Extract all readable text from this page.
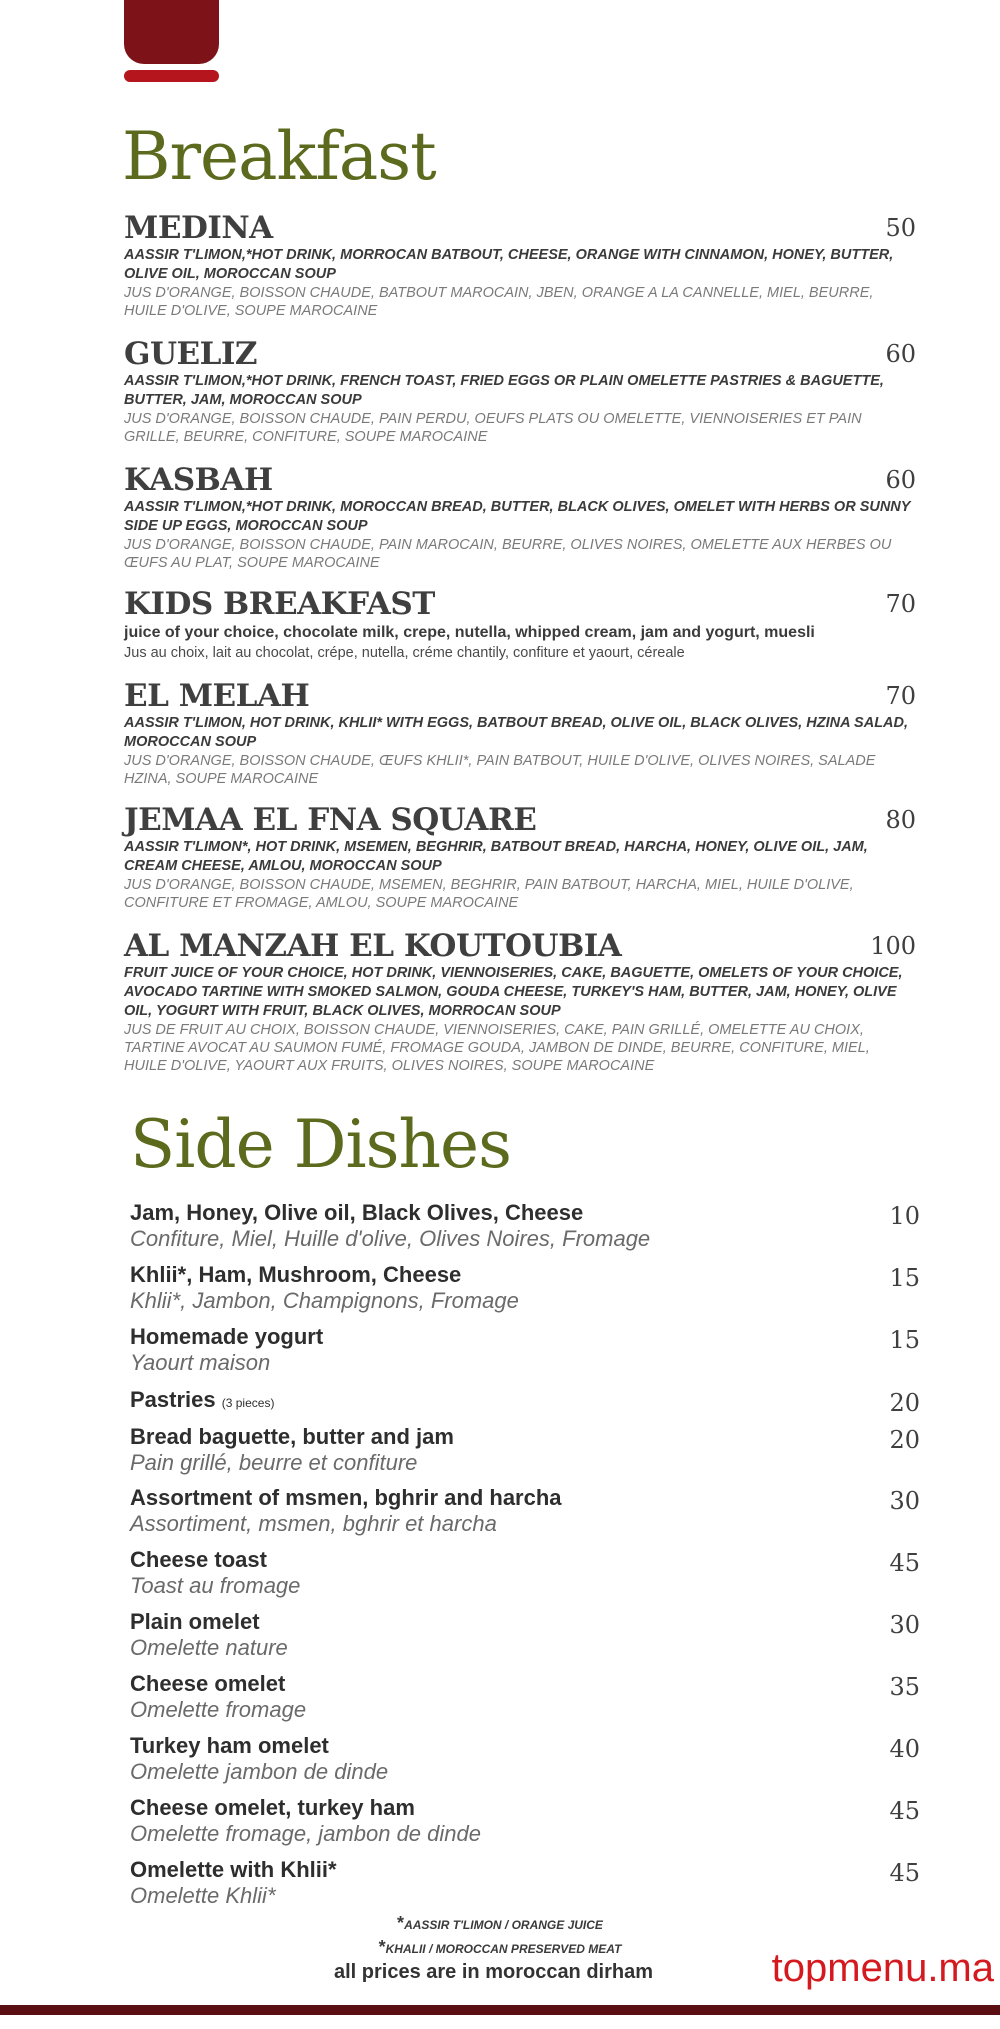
Breakfast
MEDINA	50
AASSIR T'LIMON,*HOT DRINK, MORROCAN BATBOUT, CHEESE, ORANGE WITH CINNAMON, HONEY, BUTTER, OLIVE OIL, MOROCCAN SOUP
JUS D'ORANGE, BOISSON CHAUDE, BATBOUT MAROCAIN, JBEN, ORANGE A LA CANNELLE, MIEL, BEURRE, HUILE D'OLIVE, SOUPE MAROCAINE
GUELIZ	60
AASSIR T'LIMON,*HOT DRINK, FRENCH TOAST, FRIED EGGS OR PLAIN OMELETTE PASTRIES & BAGUETTE, BUTTER, JAM, MOROCCAN SOUP
JUS D'ORANGE, BOISSON CHAUDE, PAIN PERDU, OEUFS PLATS OU OMELETTE, VIENNOISERIES ET PAIN GRILLE, BEURRE, CONFITURE, SOUPE MAROCAINE
KASBAH	60
AASSIR T'LIMON,*HOT DRINK, MOROCCAN BREAD, BUTTER, BLACK OLIVES, OMELET WITH HERBS OR SUNNY SIDE UP EGGS, MOROCCAN SOUP
JUS D'ORANGE, BOISSON CHAUDE, PAIN MAROCAIN, BEURRE, OLIVES NOIRES, OMELETTE AUX HERBES OU ŒUFS AU PLAT, SOUPE MAROCAINE
KIDS BREAKFAST	70
juice of your choice, chocolate milk, crepe, nutella, whipped cream, jam and yogurt, muesli
Jus au choix, lait au chocolat, crépe, nutella, créme chantily, confiture et yaourt, céreale
EL MELAH	70
AASSIR T'LIMON, HOT DRINK, KHLII* WITH EGGS, BATBOUT BREAD, OLIVE OIL, BLACK OLIVES, HZINA SALAD, MOROCCAN SOUP
JUS D'ORANGE, BOISSON CHAUDE, ŒUFS KHLII*, PAIN BATBOUT, HUILE D'OLIVE, OLIVES NOIRES, SALADE HZINA, SOUPE MAROCAINE
JEMAA EL FNA SQUARE	80
AASSIR T'LIMON*, HOT DRINK, MSEMEN, BEGHRIR, BATBOUT BREAD, HARCHA, HONEY, OLIVE OIL, JAM, CREAM CHEESE, AMLOU, MOROCCAN SOUP
JUS D'ORANGE, BOISSON CHAUDE, MSEMEN, BEGHRIR, PAIN BATBOUT, HARCHA, MIEL, HUILE D'OLIVE, CONFITURE ET FROMAGE, AMLOU, SOUPE MAROCAINE
AL MANZAH EL KOUTOUBIA	100
FRUIT JUICE OF YOUR CHOICE, HOT DRINK, VIENNOISERIES, CAKE, BAGUETTE, OMELETS OF YOUR CHOICE, AVOCADO TARTINE WITH SMOKED SALMON, GOUDA CHEESE, TURKEY'S HAM, BUTTER, JAM, HONEY, OLIVE OIL, YOGURT WITH FRUIT, BLACK OLIVES, MORROCAN SOUP
JUS DE FRUIT AU CHOIX, BOISSON CHAUDE, VIENNOISERIES, CAKE, PAIN GRILLÉ, OMELETTE AU CHOIX, TARTINE AVOCAT AU SAUMON FUMÉ, FROMAGE GOUDA, JAMBON DE DINDE, BEURRE, CONFITURE, MIEL, HUILE D'OLIVE, YAOURT AUX FRUITS, OLIVES NOIRES, SOUPE MAROCAINE
Side Dishes
Jam, Honey, Olive oil, Black Olives, Cheese
Confiture, Miel, Huille d'olive, Olives Noires, Fromage
10
Khlii*, Ham, Mushroom, Cheese
Khlii*, Jambon, Champignons, Fromage
15
Homemade yogurt
Yaourt maison
15
Pastries (3 pieces)	20
Bread baguette, butter and jam
Pain grillé, beurre et confiture
20
Assortment of msmen, bghrir and harcha
Assortiment, msmen, bghrir et harcha
30
Cheese toast
Toast au fromage
45
Plain omelet
Omelette nature
30
Cheese omelet
Omelette fromage
35
Turkey ham omelet
Omelette jambon de dinde
40
Cheese omelet, turkey ham
Omelette fromage, jambon de dinde
45
Omelette with Khlii*
Omelette Khlii*
45
*AASSIR T'LIMON / ORANGE JUICE
*KHALII / MOROCCAN PRESERVED MEAT
all prices are in moroccan dirham	topmenu.ma
